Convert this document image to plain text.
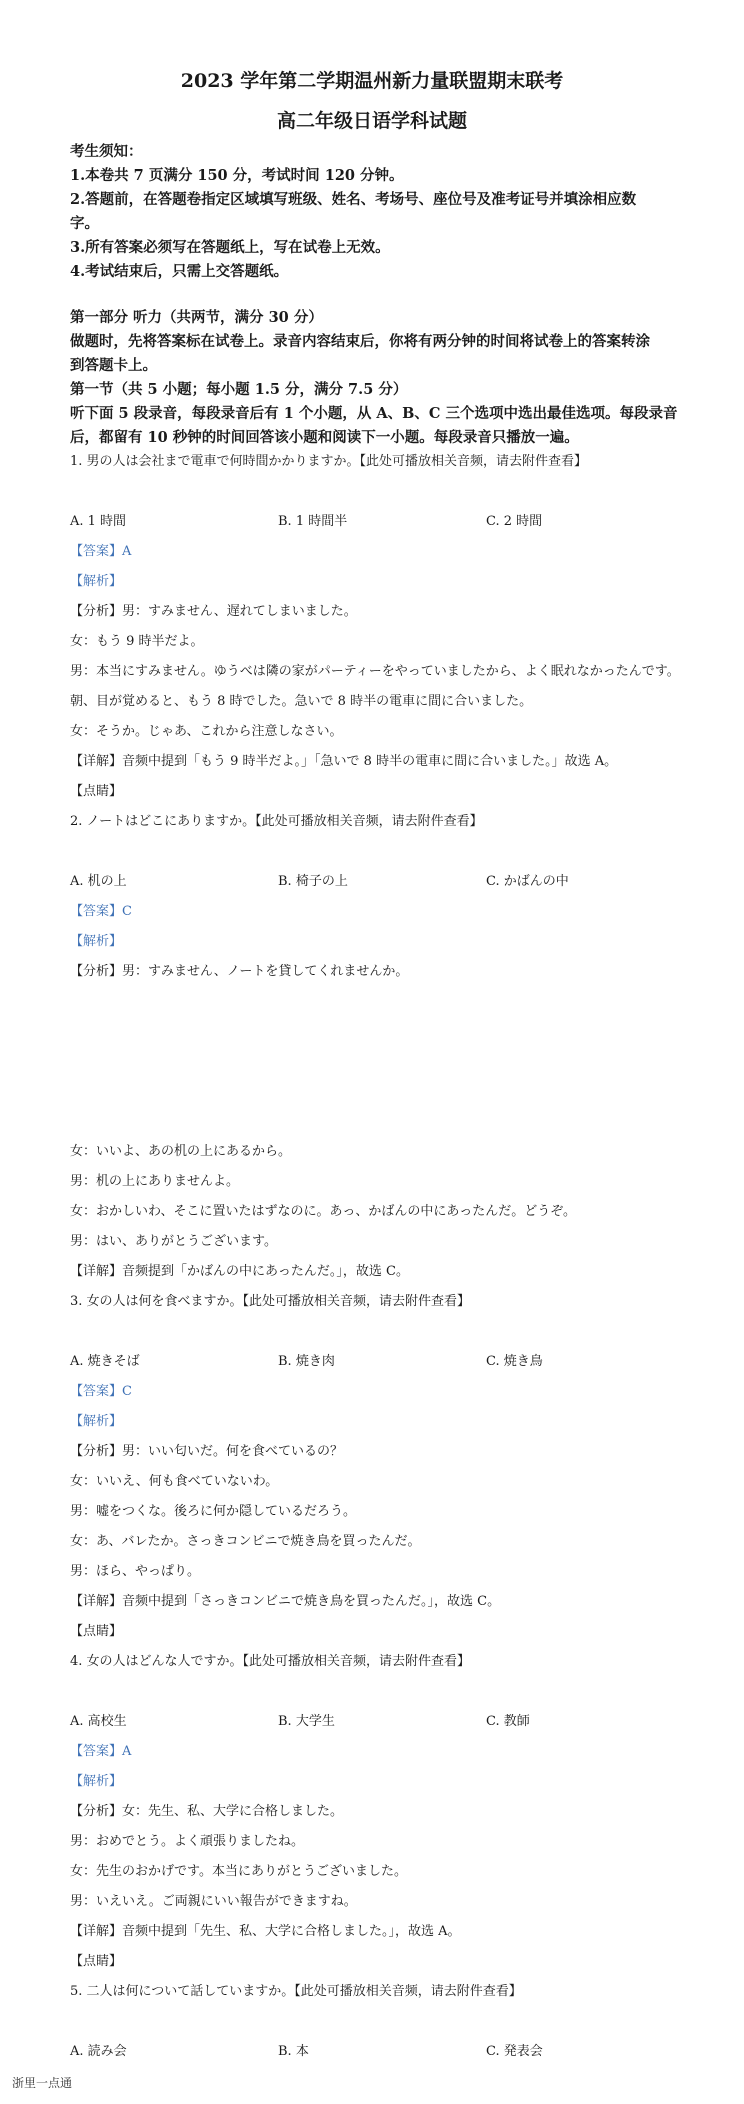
2023 学年第二学期温州新力量联盟期末联考
高二年级日语学科试题
考生须知：
1.本卷共 7 页满分 150 分，考试时间 120 分钟。
2.答题前，在答题卷指定区域填写班级、姓名、考场号、座位号及准考证号并填涂相应数
字。
3.所有答案必须写在答题纸上，写在试卷上无效。
4.考试结束后，只需上交答题纸。
第一部分 听力（共两节，满分 30 分）
做题时，先将答案标在试卷上。录音内容结束后，你将有两分钟的时间将试卷上的答案转涂
到答题卡上。
第一节（共 5 小题；每小题 1.5 分，满分 7.5 分）
听下面 5 段录音，每段录音后有 1 个小题，从 A、B、C 三个选项中选出最佳选项。每段录音
后，都留有 10 秒钟的时间回答该小题和阅读下一小题。每段录音只播放一遍。
1. 男の人は会社まで電車で何時間かかりますか。【此处可播放相关音频，请去附件查看】
A. 1 時間	B. 1 時間半	C. 2 時間
【答案】A
【解析】
【分析】男：すみません、遅れてしまいました。
女：もう 9 時半だよ。
男：本当にすみません。ゆうべは隣の家がパーティーをやっていましたから、よく眠れなかったんです。
朝、目が覚めると、もう 8 時でした。急いで 8 時半の電車に間に合いました。
女：そうか。じゃあ、これから注意しなさい。
【详解】音频中提到「もう 9 時半だよ。」「急いで 8 時半の電車に間に合いました。」故选 A。
【点睛】
2. ノートはどこにありますか。【此处可播放相关音频，请去附件查看】
A. 机の上	B. 椅子の上	C. かばんの中
【答案】C
【解析】
【分析】男：すみません、ノートを貸してくれませんか。
女：いいよ、あの机の上にあるから。
男：机の上にありませんよ。
女：おかしいわ、そこに置いたはずなのに。あっ、かばんの中にあったんだ。どうぞ。
男：はい、ありがとうございます。
【详解】音频提到「かばんの中にあったんだ。」，故选 C。
3. 女の人は何を食べますか。【此处可播放相关音频，请去附件查看】
A. 焼きそば	B. 焼き肉	C. 焼き鳥
【答案】C
【解析】
【分析】男：いい匂いだ。何を食べているの？
女：いいえ、何も食べていないわ。
男：嘘をつくな。後ろに何か隠しているだろう。
女：あ、バレたか。さっきコンビニで焼き鳥を買ったんだ。
男：ほら、やっぱり。
【详解】音频中提到「さっきコンビニで焼き鳥を買ったんだ。」，故选 C。
【点睛】
4. 女の人はどんな人ですか。【此处可播放相关音频，请去附件查看】
A. 高校生	B. 大学生	C. 教師
【答案】A
【解析】
【分析】女：先生、私、大学に合格しました。
男：おめでとう。よく頑張りましたね。
女：先生のおかげです。本当にありがとうございました。
男：いえいえ。ご両親にいい報告ができますね。
【详解】音频中提到「先生、私、大学に合格しました。」，故选 A。
【点睛】
5. 二人は何について話していますか。【此处可播放相关音频，请去附件查看】
A. 読み会	B. 本	C. 発表会
浙里一点通
